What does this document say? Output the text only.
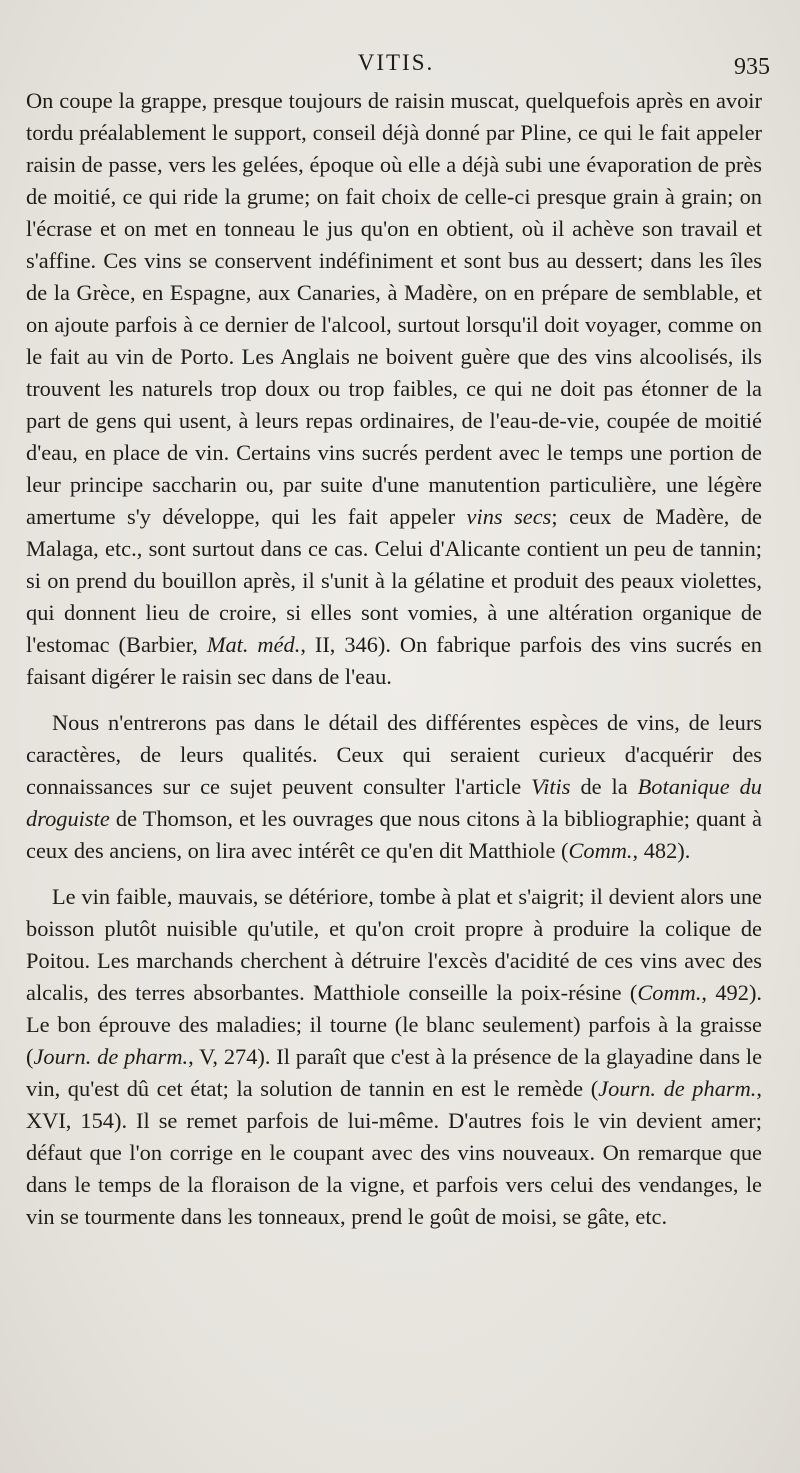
VITIS.	935

On coupe la grappe, presque toujours de raisin muscat, quelquefois après en avoir tordu préalablement le support, conseil déjà donné par Pline, ce qui le fait appeler raisin de passe, vers les gelées, époque où elle a déjà subi une évaporation de près de moitié, ce qui ride la grume; on fait choix de celle-ci presque grain à grain; on l'écrase et on met en tonneau le jus qu'on en obtient, où il achève son travail et s'affine. Ces vins se conservent indéfiniment et sont bus au dessert; dans les îles de la Grèce, en Espagne, aux Canaries, à Madère, on en prépare de semblable, et on ajoute parfois à ce dernier de l'alcool, surtout lorsqu'il doit voyager, comme on le fait au vin de Porto. Les Anglais ne boivent guère que des vins alcoolisés, ils trouvent les naturels trop doux ou trop faibles, ce qui ne doit pas étonner de la part de gens qui usent, à leurs repas ordinaires, de l'eau-de-vie, coupée de moitié d'eau, en place de vin. Certains vins sucrés perdent avec le temps une portion de leur principe saccharin ou, par suite d'une manutention particulière, une légère amertume s'y développe, qui les fait appeler vins secs; ceux de Madère, de Malaga, etc., sont surtout dans ce cas. Celui d'Alicante contient un peu de tannin; si on prend du bouillon après, il s'unit à la gélatine et produit des peaux violettes, qui donnent lieu de croire, si elles sont vomies, à une altération organique de l'estomac (Barbier, Mat. méd., II, 346). On fabrique parfois des vins sucrés en faisant digérer le raisin sec dans de l'eau.

Nous n'entrerons pas dans le détail des différentes espèces de vins, de leurs caractères, de leurs qualités. Ceux qui seraient curieux d'acquérir des connaissances sur ce sujet peuvent consulter l'article Vitis de la Botanique du droguiste de Thomson, et les ouvrages que nous citons à la bibliographie; quant à ceux des anciens, on lira avec intérêt ce qu'en dit Matthiole (Comm., 482).

Le vin faible, mauvais, se détériore, tombe à plat et s'aigrit; il devient alors une boisson plutôt nuisible qu'utile, et qu'on croit propre à produire la colique de Poitou. Les marchands cherchent à détruire l'excès d'acidité de ces vins avec des alcalis, des terres absorbantes. Matthiole conseille la poix-résine (Comm., 492). Le bon éprouve des maladies; il tourne (le blanc seulement) parfois à la graisse (Journ. de pharm., V, 274). Il paraît que c'est à la présence de la glayadine dans le vin, qu'est dû cet état; la solution de tannin en est le remède (Journ. de pharm., XVI, 154). Il se remet parfois de lui-même. D'autres fois le vin devient amer; défaut que l'on corrige en le coupant avec des vins nouveaux. On remarque que dans le temps de la floraison de la vigne, et parfois vers celui des vendanges, le vin se tourmente dans les tonneaux, prend le goût de moisi, se gâte, etc.
